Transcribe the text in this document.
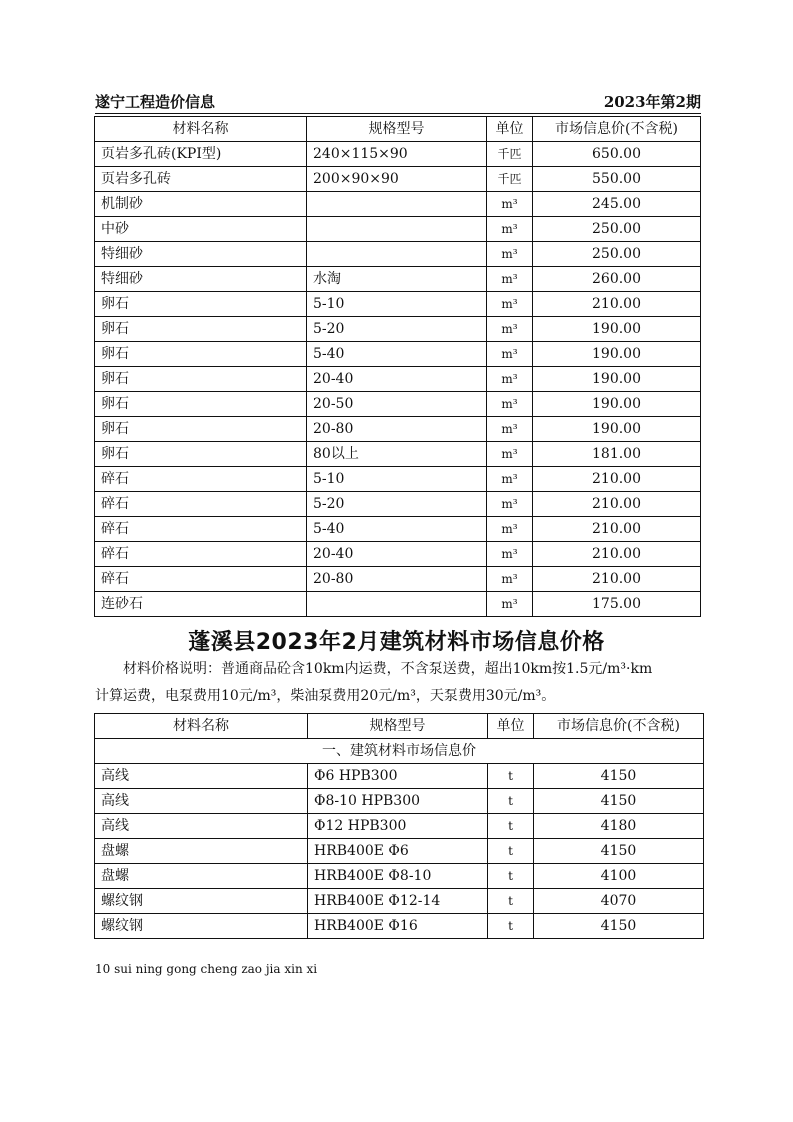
遂宁工程造价信息	2023年第2期
材料名称	规格型号	单位	市场信息价(不含税)
页岩多孔砖(KPI型)	240×115×90	千匹	650.00
页岩多孔砖	200×90×90	千匹	550.00
机制砂		m³	245.00
中砂		m³	250.00
特细砂		m³	250.00
特细砂	水淘	m³	260.00
卵石	5-10	m³	210.00
卵石	5-20	m³	190.00
卵石	5-40	m³	190.00
卵石	20-40	m³	190.00
卵石	20-50	m³	190.00
卵石	20-80	m³	190.00
卵石	80以上	m³	181.00
碎石	5-10	m³	210.00
碎石	5-20	m³	210.00
碎石	5-40	m³	210.00
碎石	20-40	m³	210.00
碎石	20-80	m³	210.00
连砂石		m³	175.00
蓬溪县2023年2月建筑材料市场信息价格
材料价格说明：普通商品砼含10km内运费，不含泵送费，超出10km按1.5元/m³·km
计算运费，电泵费用10元/m³，柴油泵费用20元/m³，天泵费用30元/m³。
材料名称	规格型号	单位	市场信息价(不含税)
一、建筑材料市场信息价			
高线	Φ6 HPB300	t	4150
高线	Φ8-10 HPB300	t	4150
高线	Φ12 HPB300	t	4180
盘螺	HRB400E Φ6	t	4150
盘螺	HRB400E Φ8-10	t	4100
螺纹钢	HRB400E Φ12-14	t	4070
螺纹钢	HRB400E Φ16	t	4150
10 sui ning gong cheng zao jia xin xi
